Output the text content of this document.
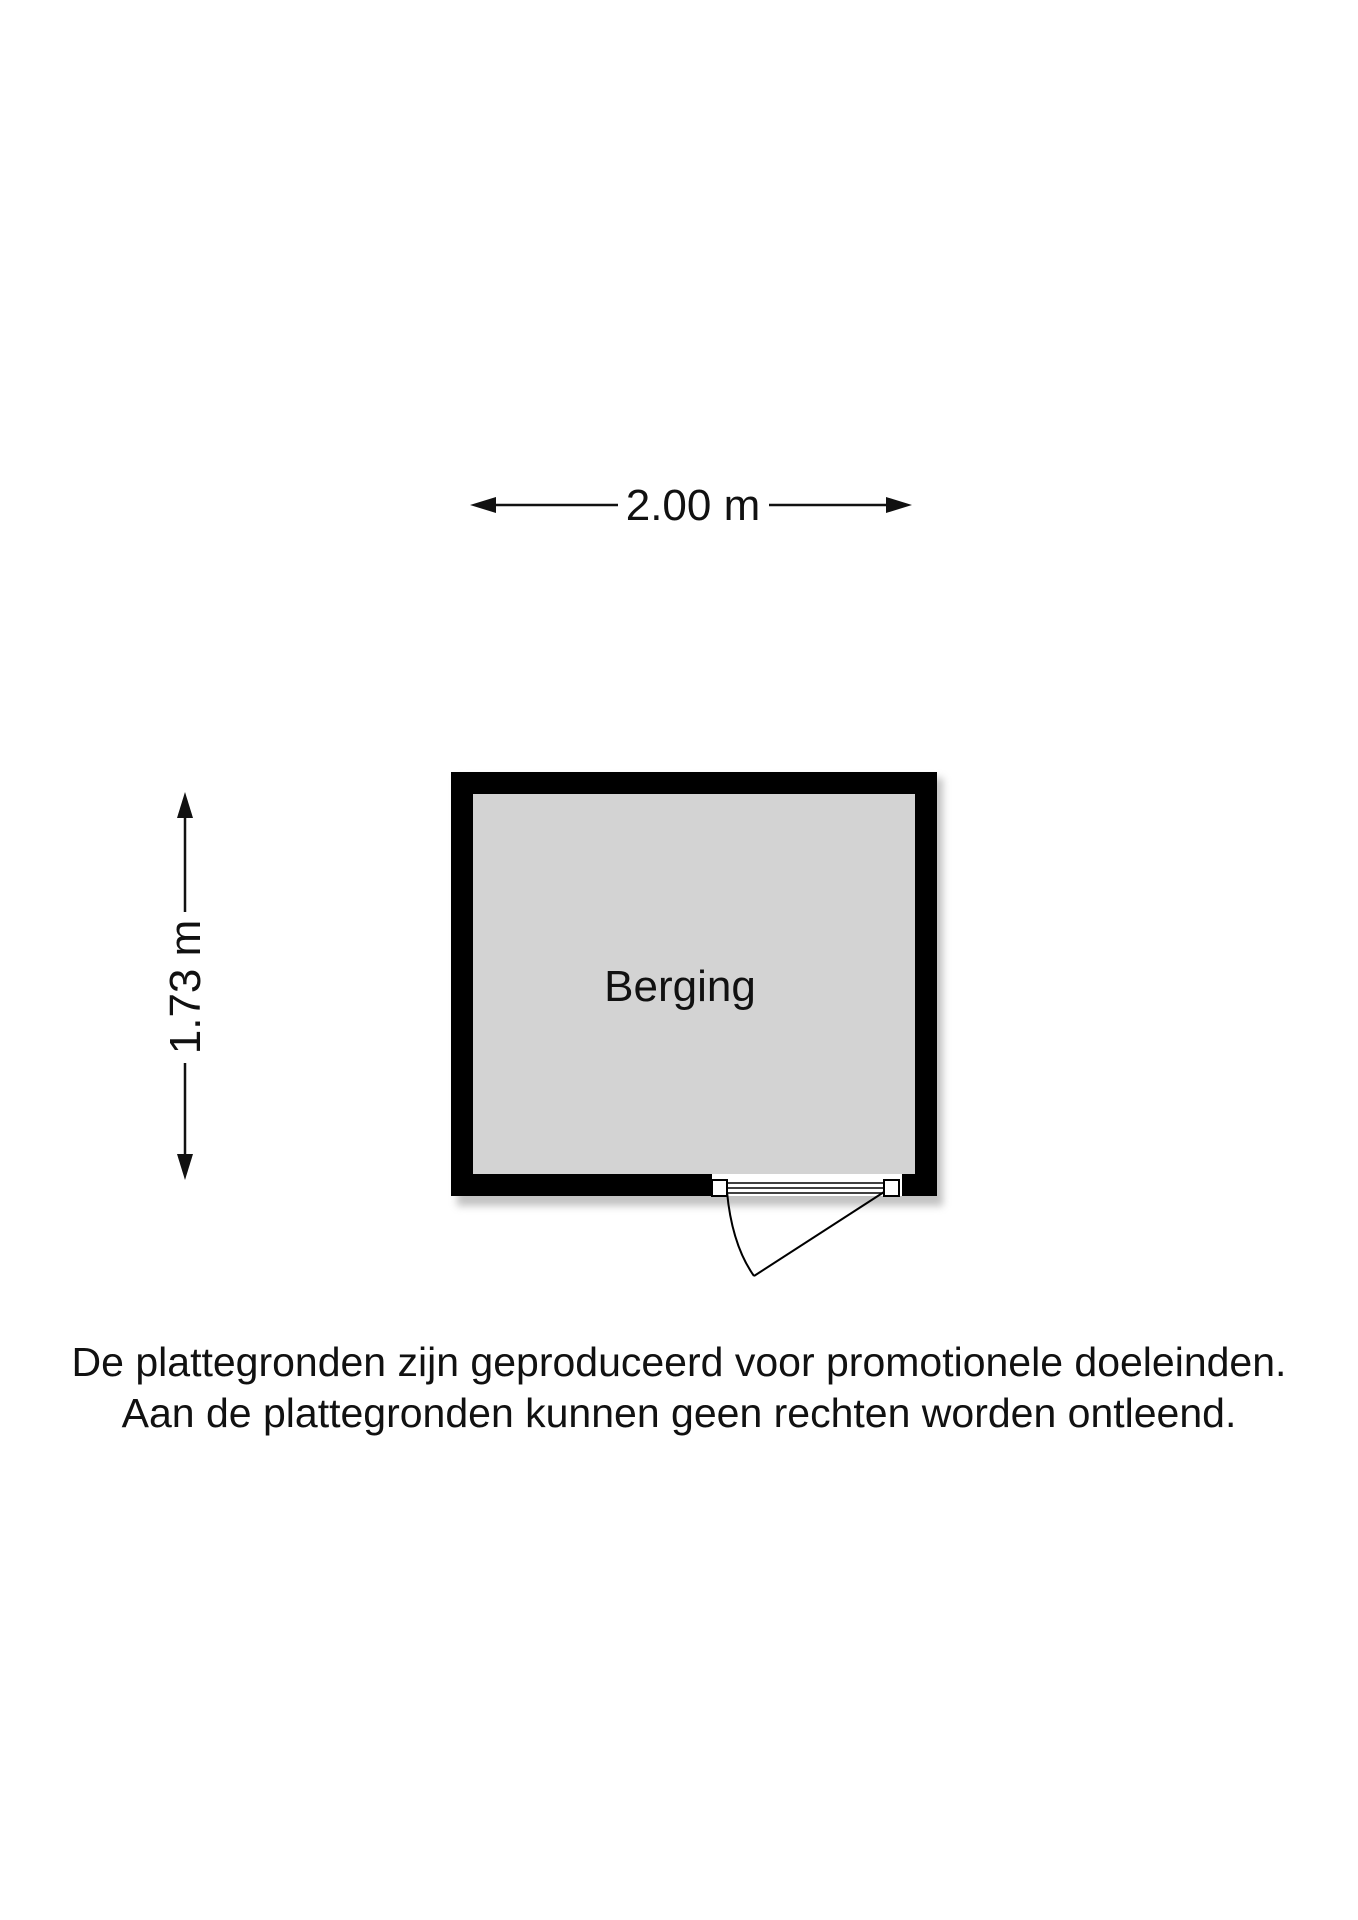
2.00 m
1.73 m	Berging
De plattegronden zijn geproduceerd voor promotionele doeleinden.
Aan de plattegronden kunnen geen rechten worden ontleend.
